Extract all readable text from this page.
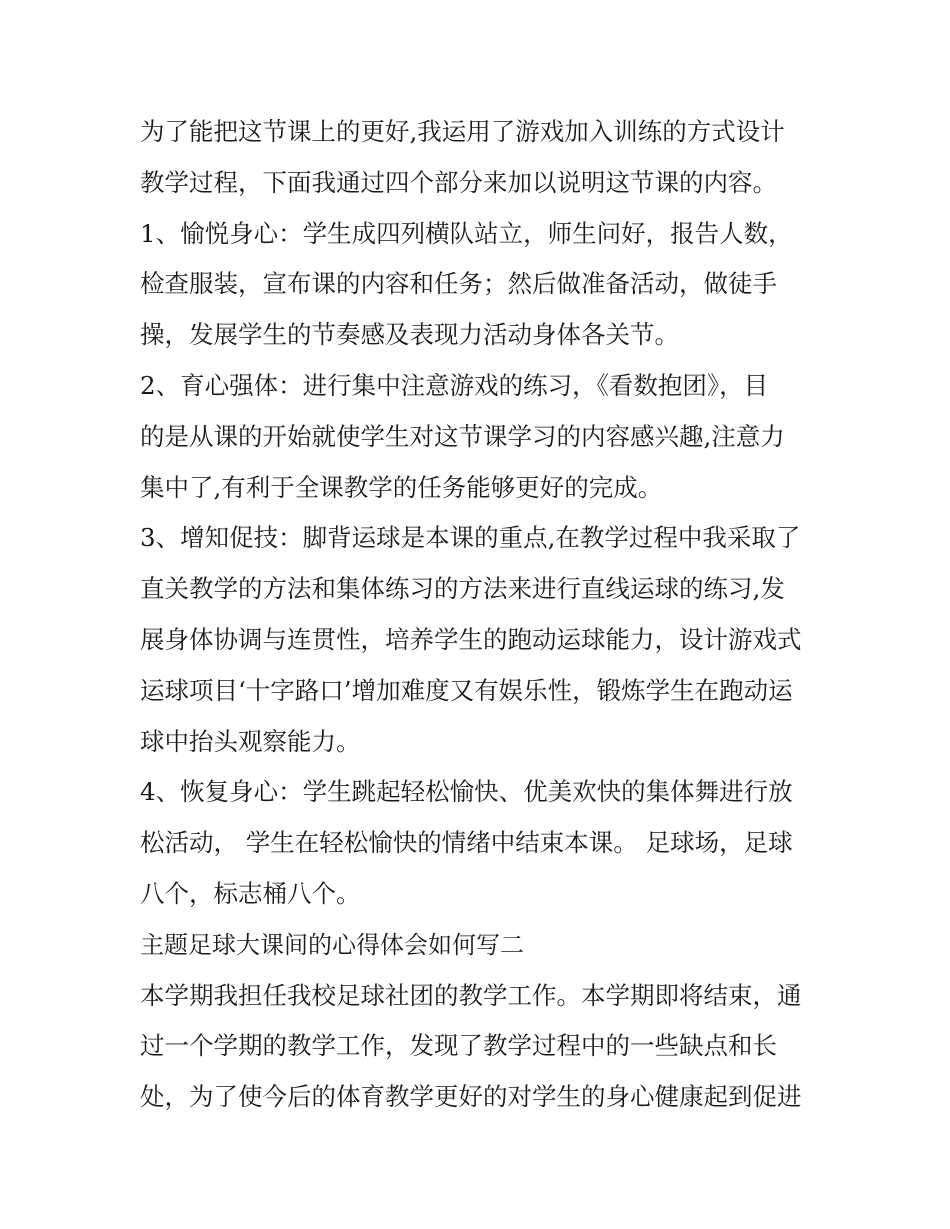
为了能把这节课上的更好,我运用了游戏加入训练的方式设计
教学过程，下面我通过四个部分来加以说明这节课的内容。
1、愉悦身心：学生成四列横队站立，师生问好，报告人数，
检查服装，宣布课的内容和任务；然后做准备活动，做徒手
操，发展学生的节奏感及表现力活动身体各关节。
2、育心强体：进行集中注意游戏的练习，《看数抱团》，目
的是从课的开始就使学生对这节课学习的内容感兴趣,注意力
集中了,有利于全课教学的任务能够更好的完成。
3、增知促技：脚背运球是本课的重点,在教学过程中我采取了
直关教学的方法和集体练习的方法来进行直线运球的练习,发
展身体协调与连贯性，培养学生的跑动运球能力，设计游戏式
运球项目‘十字路口’增加难度又有娱乐性，锻炼学生在跑动运
球中抬头观察能力。
4、恢复身心：学生跳起轻松愉快、优美欢快的集体舞进行放
松活动， 学生在轻松愉快的情绪中结束本课。 足球场，足球
八个，标志桶八个。
主题足球大课间的心得体会如何写二
本学期我担任我校足球社团的教学工作。本学期即将结束，通
过一个学期的教学工作，发现了教学过程中的一些缺点和长
处，为了使今后的体育教学更好的对学生的身心健康起到促进
